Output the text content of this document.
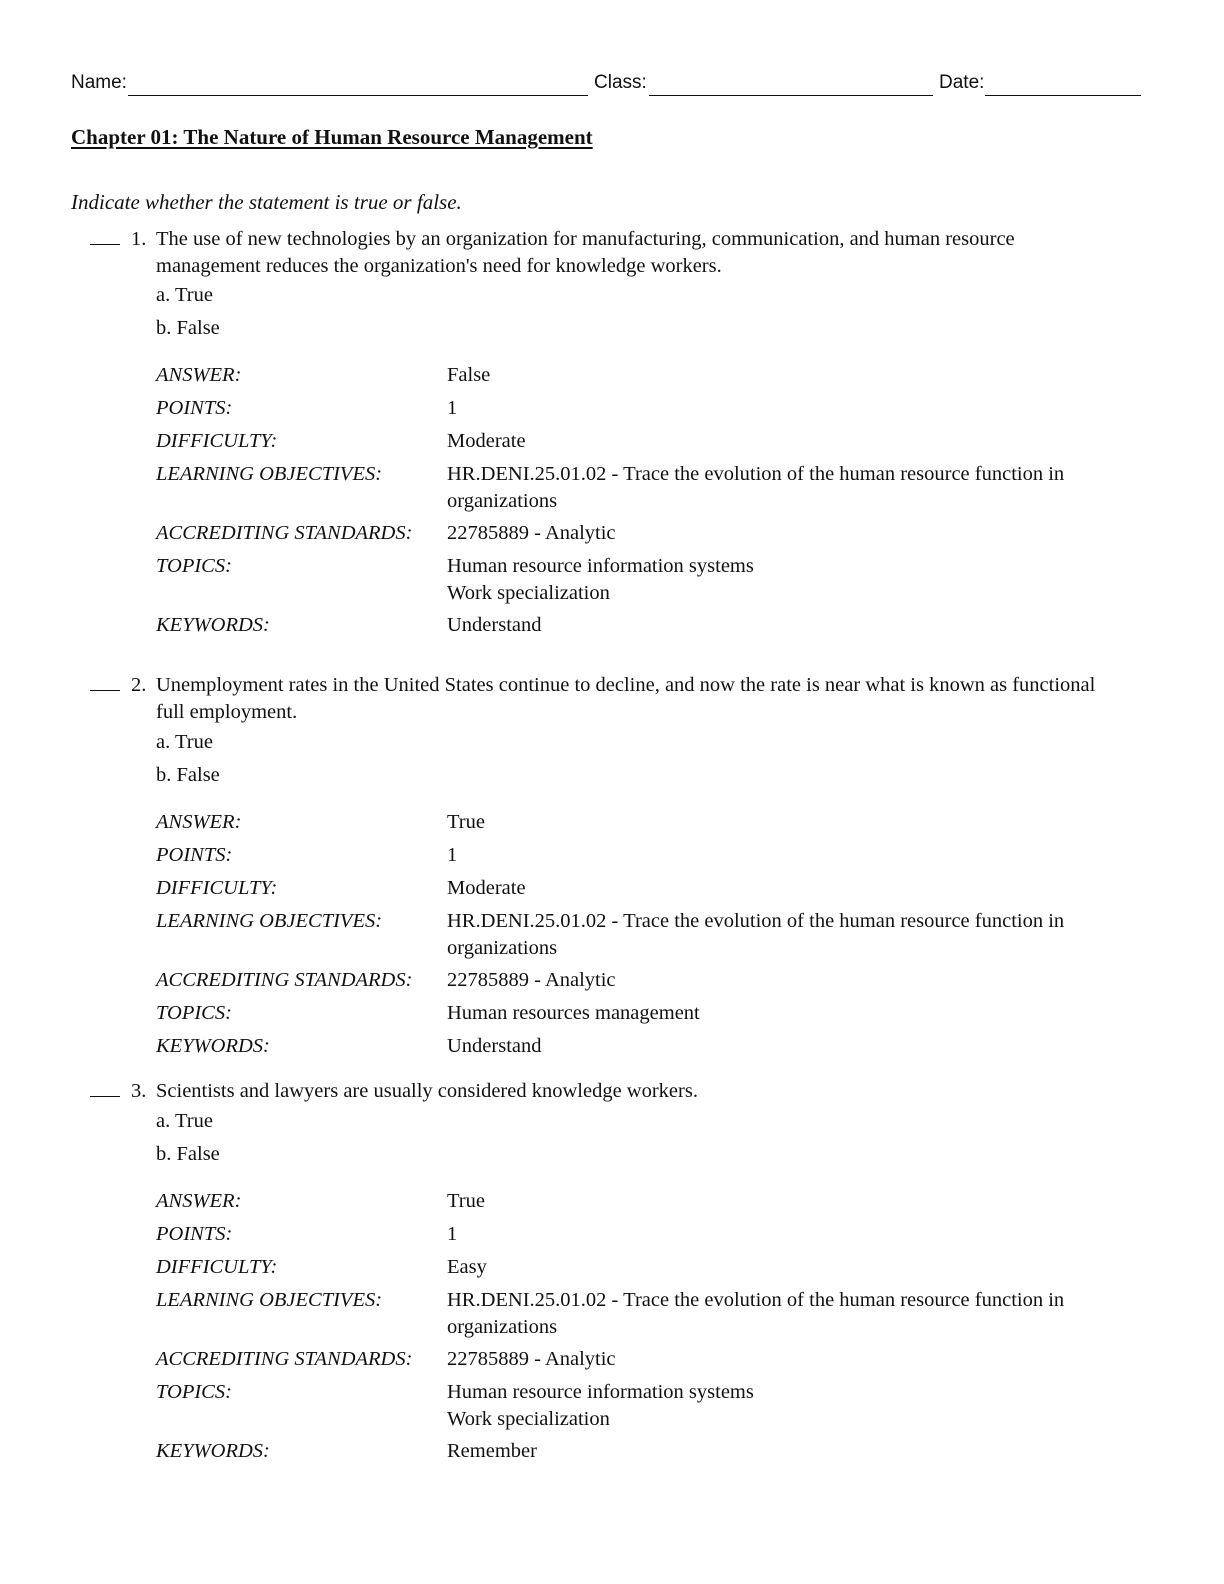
Name:	Class:	Date:
Chapter 01: The Nature of Human Resource Management
Indicate whether the statement is true or false.
1. The use of new technologies by an organization for manufacturing, communication, and human resource management reduces the organization's need for knowledge workers.
a. True
b. False
ANSWER:	False
POINTS:	1
DIFFICULTY:	Moderate
LEARNING OBJECTIVES:	HR.DENI.25.01.02 - Trace the evolution of the human resource function in organizations
ACCREDITING STANDARDS: 22785889 - Analytic
TOPICS:	Human resource information systems
Work specialization
KEYWORDS:	Understand
2. Unemployment rates in the United States continue to decline, and now the rate is near what is known as functional full employment.
a. True
b. False
ANSWER:	True
POINTS:	1
DIFFICULTY:	Moderate
LEARNING OBJECTIVES:	HR.DENI.25.01.02 - Trace the evolution of the human resource function in organizations
ACCREDITING STANDARDS: 22785889 - Analytic
TOPICS:	Human resources management
KEYWORDS:	Understand
3. Scientists and lawyers are usually considered knowledge workers.
a. True
b. False
ANSWER:	True
POINTS:	1
DIFFICULTY:	Easy
LEARNING OBJECTIVES:	HR.DENI.25.01.02 - Trace the evolution of the human resource function in organizations
ACCREDITING STANDARDS: 22785889 - Analytic
TOPICS:	Human resource information systems
Work specialization
KEYWORDS:	Remember
